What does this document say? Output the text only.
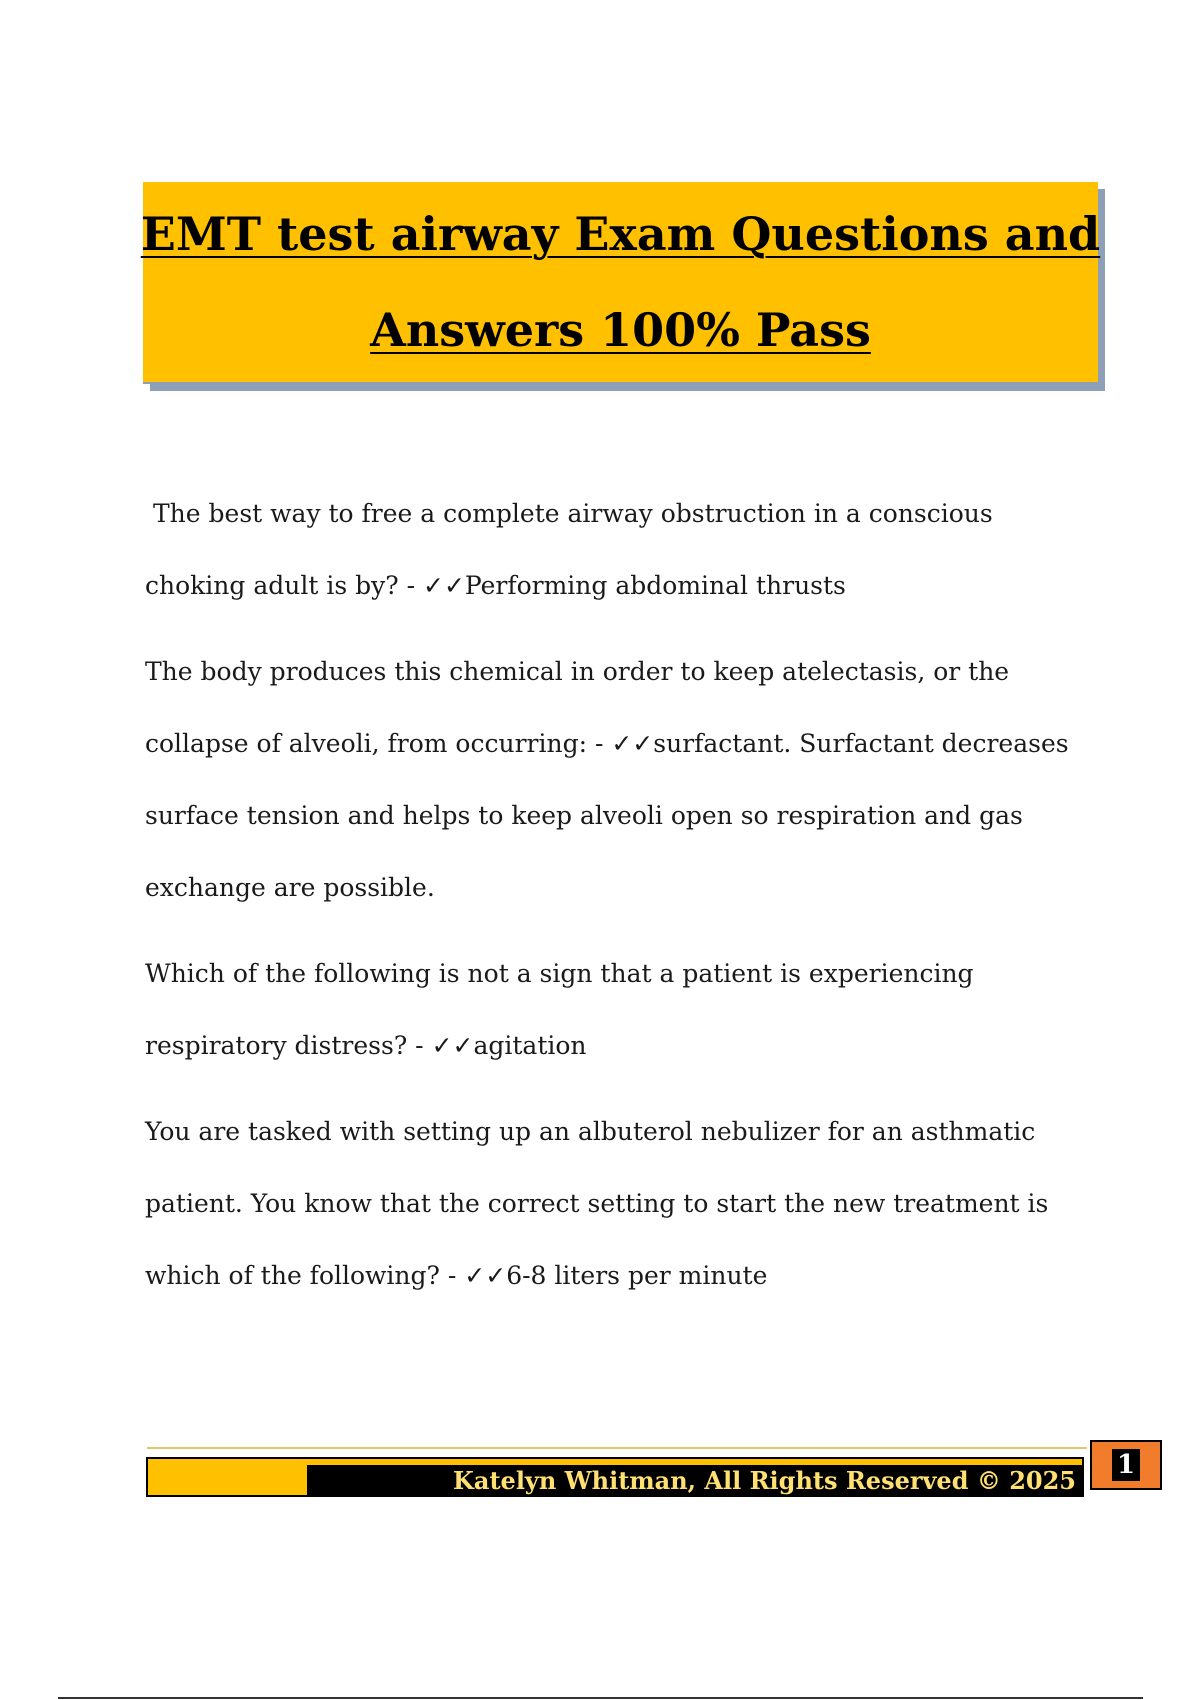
EMT test airway Exam Questions and
Answers 100% Pass

The best way to free a complete airway obstruction in a conscious choking adult is by? - ✓✓Performing abdominal thrusts

The body produces this chemical in order to keep atelectasis, or the collapse of alveoli, from occurring: - ✓✓surfactant. Surfactant decreases surface tension and helps to keep alveoli open so respiration and gas exchange are possible.

Which of the following is not a sign that a patient is experiencing respiratory distress? - ✓✓agitation

You are tasked with setting up an albuterol nebulizer for an asthmatic patient. You know that the correct setting to start the new treatment is which of the following? - ✓✓6-8 liters per minute

Katelyn Whitman, All Rights Reserved © 2025 1
